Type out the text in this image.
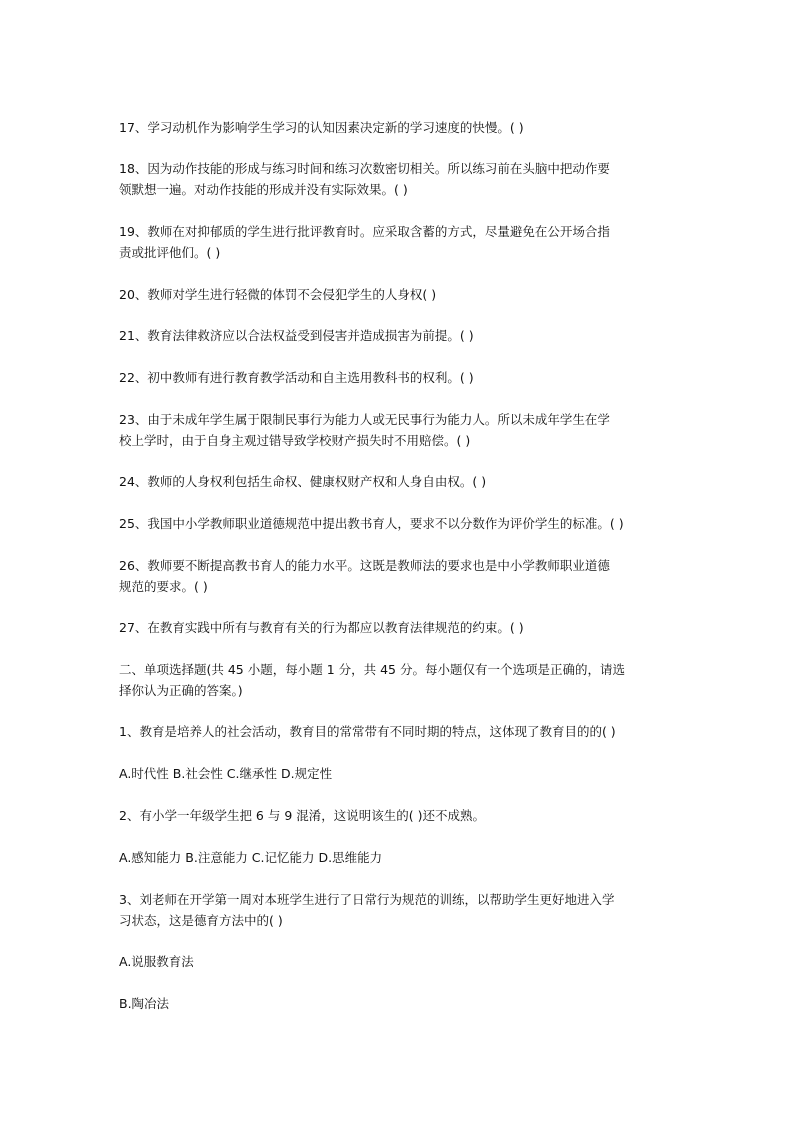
17、学习动机作为影响学生学习的认知因素决定新的学习速度的快慢。( )

18、因为动作技能的形成与练习时间和练习次数密切相关。所以练习前在头脑中把动作要
领默想一遍。对动作技能的形成并没有实际效果。( )

19、教师在对抑郁质的学生进行批评教育时。应采取含蓄的方式，尽量避免在公开场合指
责或批评他们。( )

20、教师对学生进行轻微的体罚不会侵犯学生的人身权( )

21、教育法律救济应以合法权益受到侵害并造成损害为前提。( )

22、初中教师有进行教育教学活动和自主选用教科书的权利。( )

23、由于未成年学生属于限制民事行为能力人或无民事行为能力人。所以未成年学生在学
校上学时，由于自身主观过错导致学校财产损失时不用赔偿。( )

24、教师的人身权利包括生命权、健康权财产权和人身自由权。( )

25、我国中小学教师职业道德规范中提出教书育人，要求不以分数作为评价学生的标准。( )

26、教师要不断提高教书育人的能力水平。这既是教师法的要求也是中小学教师职业道德
规范的要求。( )

27、在教育实践中所有与教育有关的行为都应以教育法律规范的约束。( )

二、单项选择题(共 45 小题，每小题 1 分，共 45 分。每小题仅有一个选项是正确的，请选
择你认为正确的答案。)

1、教育是培养人的社会活动，教育目的常常带有不同时期的特点，这体现了教育目的的( )

A.时代性 B.社会性 C.继承性 D.规定性

2、有小学一年级学生把 6 与 9 混淆，这说明该生的( )还不成熟。

A.感知能力 B.注意能力 C.记忆能力 D.思维能力

3、刘老师在开学第一周对本班学生进行了日常行为规范的训练，以帮助学生更好地进入学
习状态，这是德育方法中的( )

A.说服教育法

B.陶冶法
